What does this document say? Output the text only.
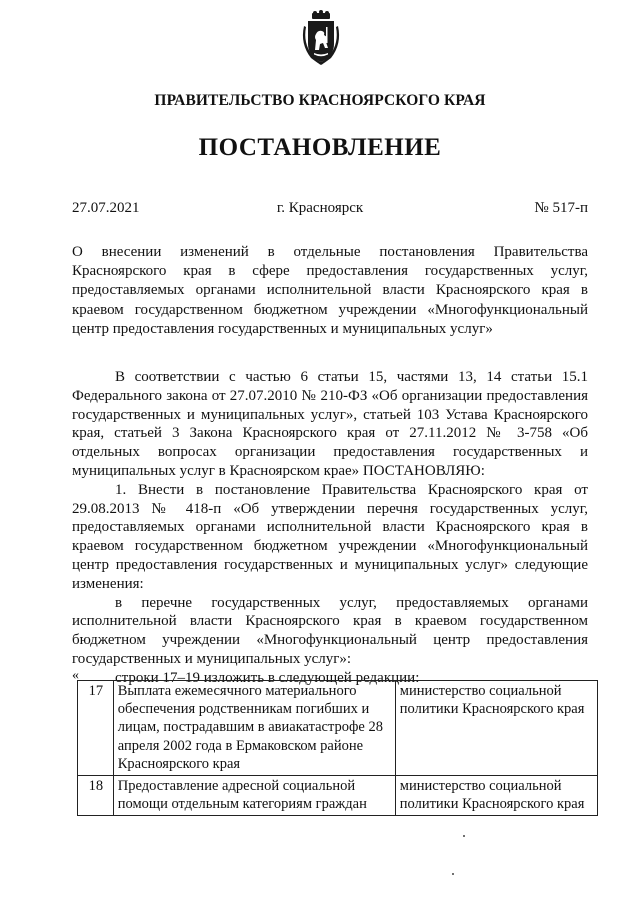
ПРАВИТЕЛЬСТВО КРАСНОЯРСКОГО КРАЯ
ПОСТАНОВЛЕНИЕ
27.07.2021	г. Красноярск	№ 517-п
О внесении изменений в отдельные постановления Правительства Красноярского края в сфере предоставления государственных услуг, предоставляемых органами исполнительной власти Красноярского края в краевом государственном бюджетном учреждении «Многофункциональный центр предоставления государственных и муниципальных услуг»

В соответствии с частью 6 статьи 15, частями 13, 14 статьи 15.1 Федерального закона от 27.07.2010 № 210-ФЗ «Об организации предоставления государственных и муниципальных услуг», статьей 103 Устава Красноярского края, статьей 3 Закона Красноярского края от 27.11.2012 № 3-758 «Об отдельных вопросах организации предоставления государственных и муниципальных услуг в Красноярском крае» ПОСТАНОВЛЯЮ:

1. Внести в постановление Правительства Красноярского края от 29.08.2013 № 418-п «Об утверждении перечня государственных услуг, предоставляемых органами исполнительной власти Красноярского края в краевом государственном бюджетном учреждении «Многофункциональный центр предоставления государственных и муниципальных услуг» следующие изменения:

в перечне государственных услуг, предоставляемых органами исполнительной власти Красноярского края в краевом государственном бюджетном учреждении «Многофункциональный центр предоставления государственных и муниципальных услуг»:

строки 17–19 изложить в следующей редакции:

«
17	Выплата ежемесячного материального обеспечения родственникам погибших и лицам, пострадавшим в авиакатастрофе 28 апреля 2002 года в Ермаковском районе Красноярского края	министерство социальной политики Красноярского края
18	Предоставление адресной социальной помощи отдельным категориям граждан	министерство социальной политики Красноярского края
